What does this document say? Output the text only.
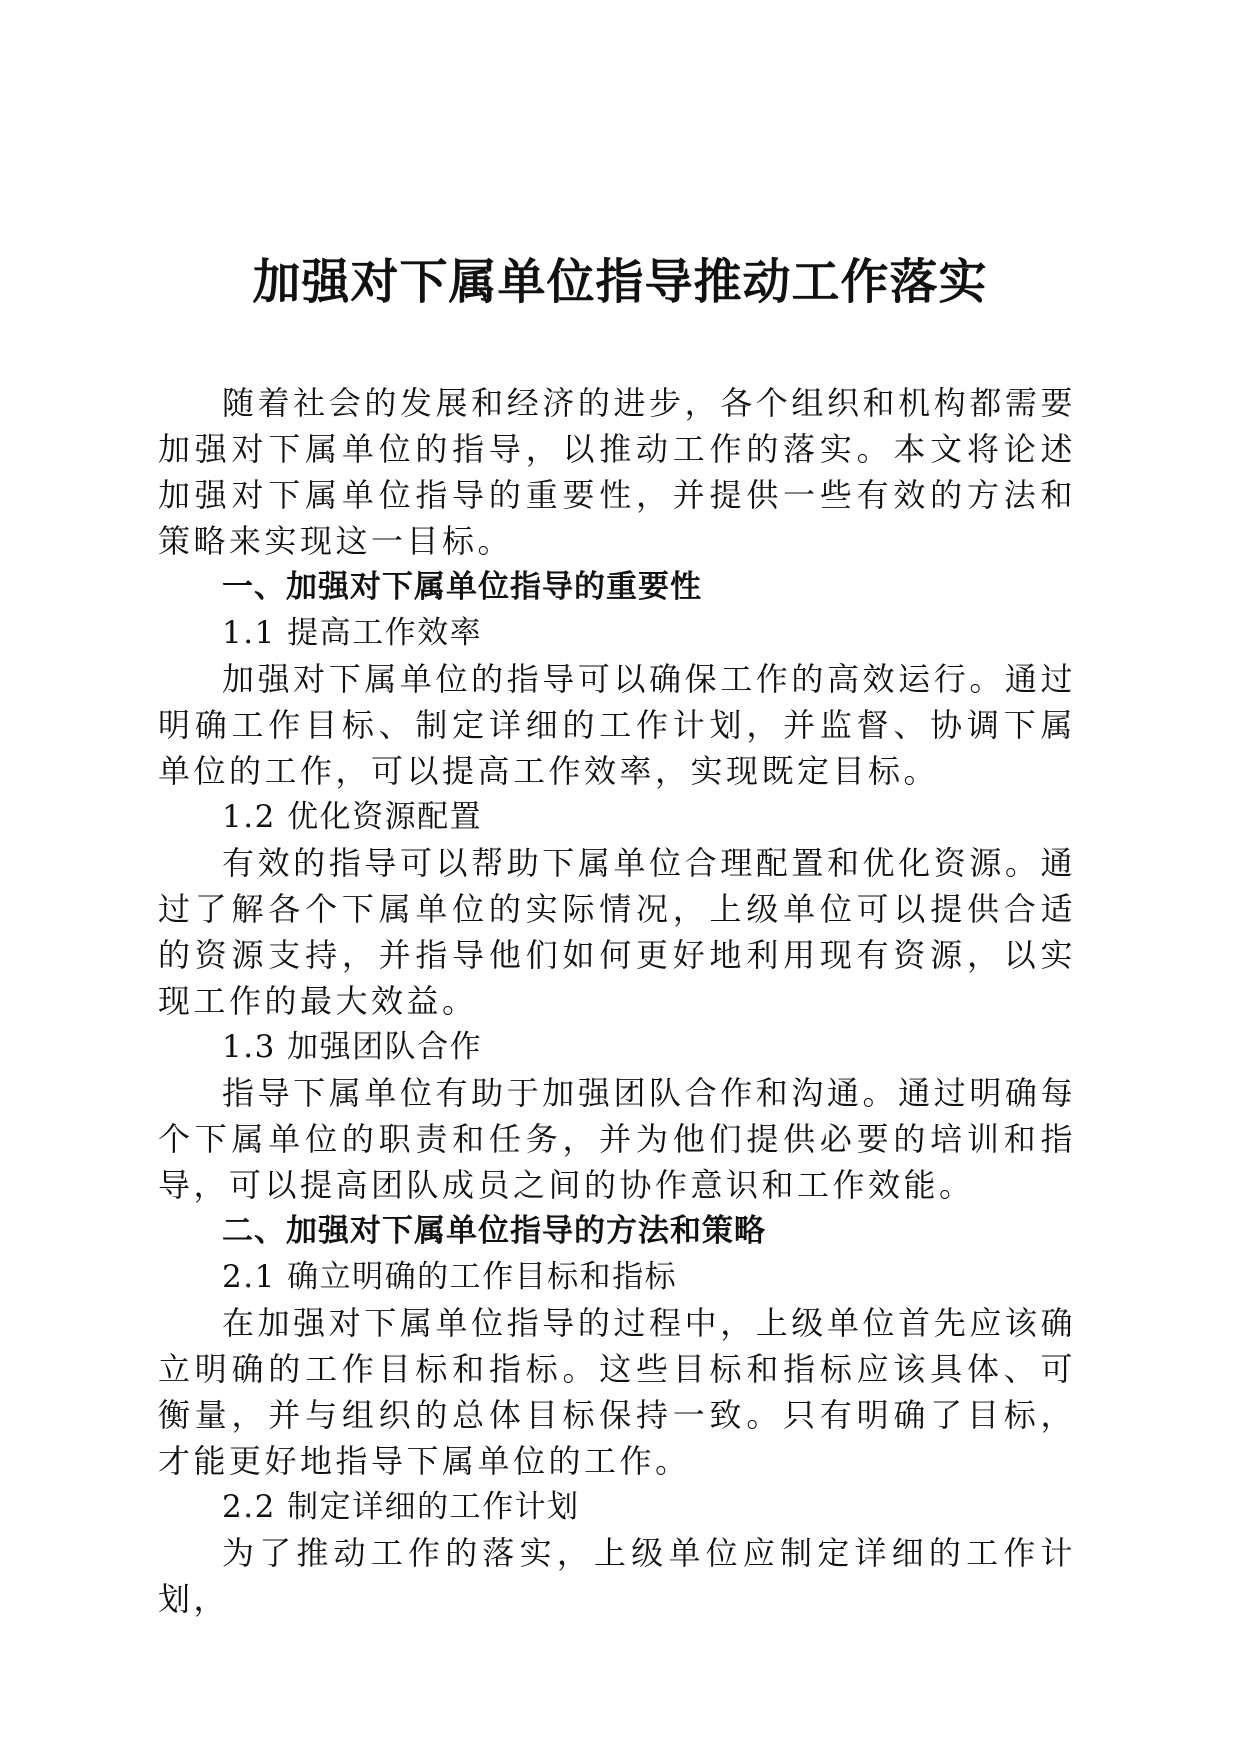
加强对下属单位指导推动工作落实

随着社会的发展和经济的进步，各个组织和机构都需要加强对下属单位的指导，以推动工作的落实。本文将论述加强对下属单位指导的重要性，并提供一些有效的方法和策略来实现这一目标。

一、加强对下属单位指导的重要性

1.1 提高工作效率

加强对下属单位的指导可以确保工作的高效运行。通过明确工作目标、制定详细的工作计划，并监督、协调下属单位的工作，可以提高工作效率，实现既定目标。

1.2 优化资源配置

有效的指导可以帮助下属单位合理配置和优化资源。通过了解各个下属单位的实际情况，上级单位可以提供合适的资源支持，并指导他们如何更好地利用现有资源，以实现工作的最大效益。

1.3 加强团队合作

指导下属单位有助于加强团队合作和沟通。通过明确每个下属单位的职责和任务，并为他们提供必要的培训和指导，可以提高团队成员之间的协作意识和工作效能。

二、加强对下属单位指导的方法和策略

2.1 确立明确的工作目标和指标

在加强对下属单位指导的过程中，上级单位首先应该确立明确的工作目标和指标。这些目标和指标应该具体、可衡量，并与组织的总体目标保持一致。只有明确了目标，才能更好地指导下属单位的工作。

2.2 制定详细的工作计划

为了推动工作的落实，上级单位应制定详细的工作计划，
